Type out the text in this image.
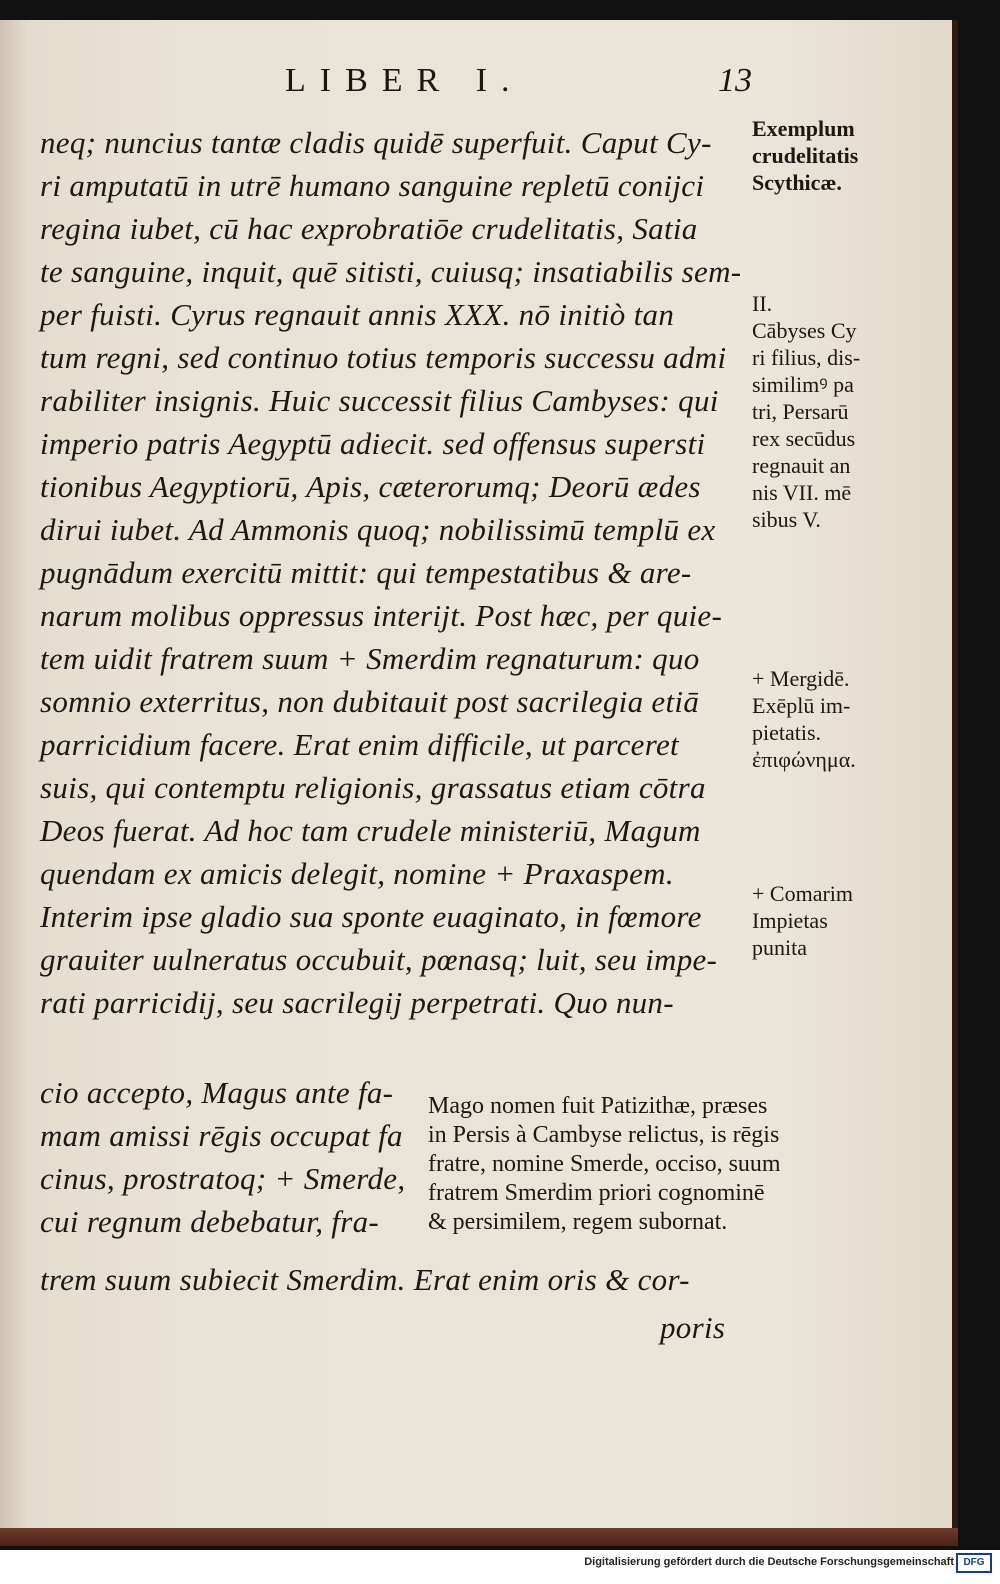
LIBER I.	13
neq; nuncius tantæ cladis quidē superfuit. Caput Cy-
ri amputatū in utrē humano sanguine repletū conijci
regina iubet, cū hac exprobratiōe crudelitatis, Satia
te sanguine, inquit, quē sitisti, cuiusq; insatiabilis sem-
per fuisti. Cyrus regnauit annis XXX. nō initiò tan
tum regni, sed continuo totius temporis successu admi
rabiliter insignis. Huic successit filius Cambyses: qui
imperio patris Aegyptū adiecit. sed offensus supersti
tionibus Aegyptiorū, Apis, cæterorumq; Deorū ædes
dirui iubet. Ad Ammonis quoq; nobilissimū templū ex
pugnādum exercitū mittit: qui tempestatibus & are-
narum molibus oppressus interijt. Post hæc, per quie-
tem uidit fratrem suum + Smerdim regnaturum: quo
somnio exterritus, non dubitauit post sacrilegia etiā
parricidium facere. Erat enim difficile, ut parceret
suis, qui contemptu religionis, grassatus etiam cōtra
Deos fuerat. Ad hoc tam crudele ministeriū, Magum
quendam ex amicis delegit, nomine + Praxaspem.
Interim ipse gladio sua sponte euaginato, in fœmore
grauiter uulneratus occubuit, pœnasq; luit, seu impe-
rati parricidij, seu sacrilegij perpetrati. Quo nun-
cio accepto, Magus ante fa-
mam amissi rēgis occupat fa
cinus, prostratoq; + Smerde,
cui regnum debebatur, fra-
trem suum subiecit Smerdim. Erat enim oris & cor-
poris
Exemplum
crudelitatis
Scythicæ.
II.
Cābyses Cy
ri filius, dis-
similimꝰ pa
tri, Persarū
rex secūdus
regnauit an
nis VII. mē
sibus V.
+ Mergidē.
Exēplū im-
pietatis.
ἐπιφώνημα.
+ Comarim
Impietas
punita
Mago nomen fuit Patizithæ, præses
in Persis à Cambyse relictus, is rēgis
fratre, nomine Smerde, occiso, suum
fratrem Smerdim priori cognominē
& persimilem, regem subornat.
Digitalisierung gefördert durch die Deutsche Forschungsgemeinschaft DFG
